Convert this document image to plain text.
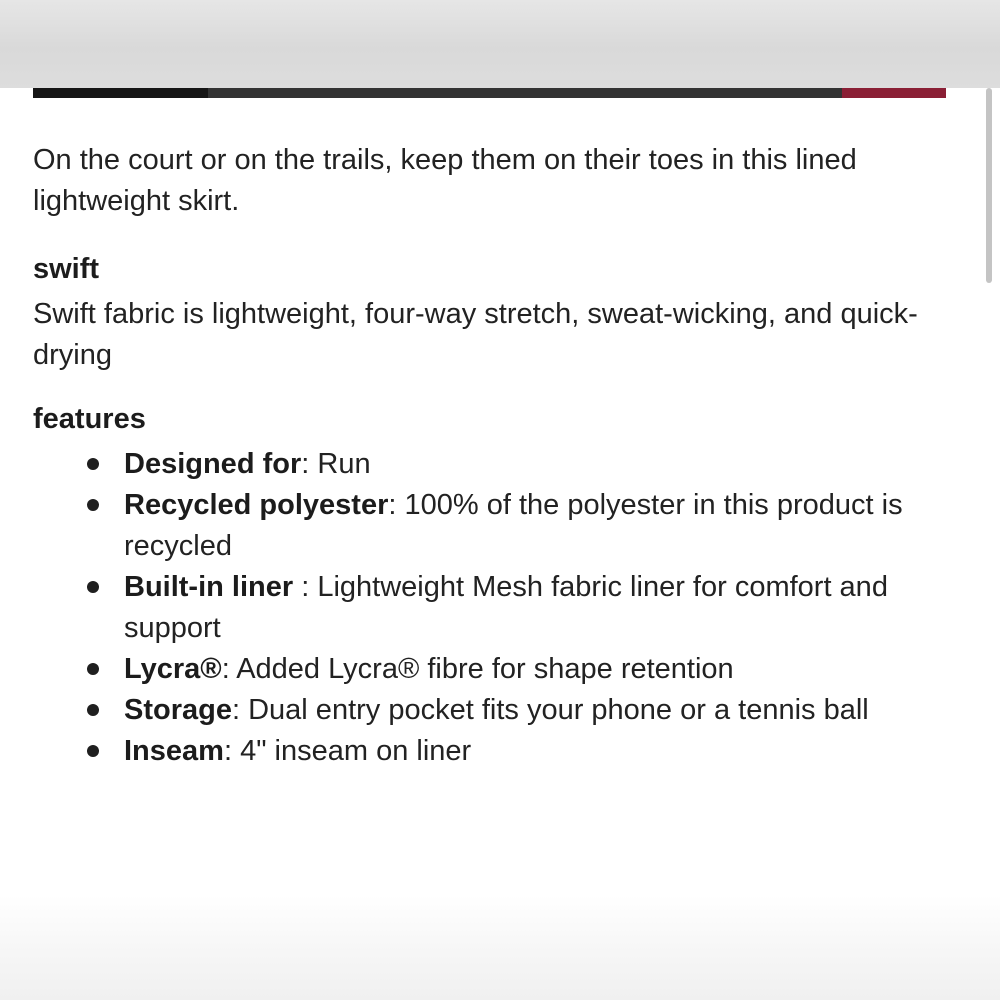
On the court or on the trails, keep them on their toes in this lined lightweight skirt.

swift

Swift fabric is lightweight, four-way stretch, sweat-wicking, and quick-drying

features
Designed for: Run
Recycled polyester: 100% of the polyester in this product is recycled
Built-in liner : Lightweight Mesh fabric liner for comfort and support
Lycra®: Added Lycra® fibre for shape retention
Storage: Dual entry pocket fits your phone or a tennis ball
Inseam: 4" inseam on liner
